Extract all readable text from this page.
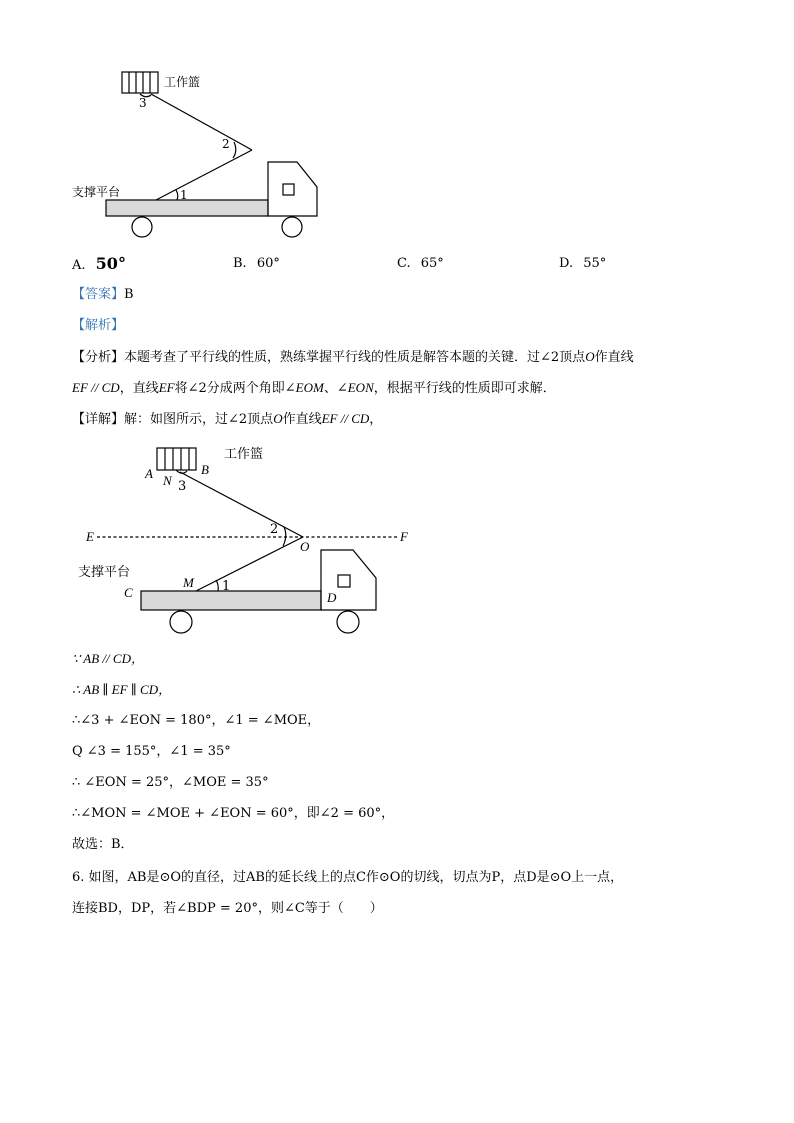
工作篮
支撑平台
3
2
1
A. 50°	B. 60°	C. 65°	D. 55°
【答案】B
【解析】
【分析】本题考查了平行线的性质，熟练掌握平行线的性质是解答本题的关键．过∠2顶点O作直线
EF // CD，直线EF将∠2分成两个角即∠EOM、∠EON，根据平行线的性质即可求解．
【详解】解：如图所示，过∠2顶点O作直线EF // CD，
工作篮
支撑平台
A	B
N 3
E	F
2
O
M 1
C	D
∵ AB // CD，
∴ AB ∥ EF ∥ CD，
∴∠3 + ∠EON = 180°，∠1 = ∠MOE，
Q ∠3 = 155°，∠1 = 35°
∴ ∠EON = 25°，∠MOE = 35°
∴∠MON = ∠MOE + ∠EON = 60°，即∠2 = 60°，
故选：B．
6. 如图，AB是⊙O的直径，过AB的延长线上的点C作⊙O的切线，切点为P，点D是⊙O上一点，
连接BD，DP，若∠BDP = 20°，则∠C等于（　　）
